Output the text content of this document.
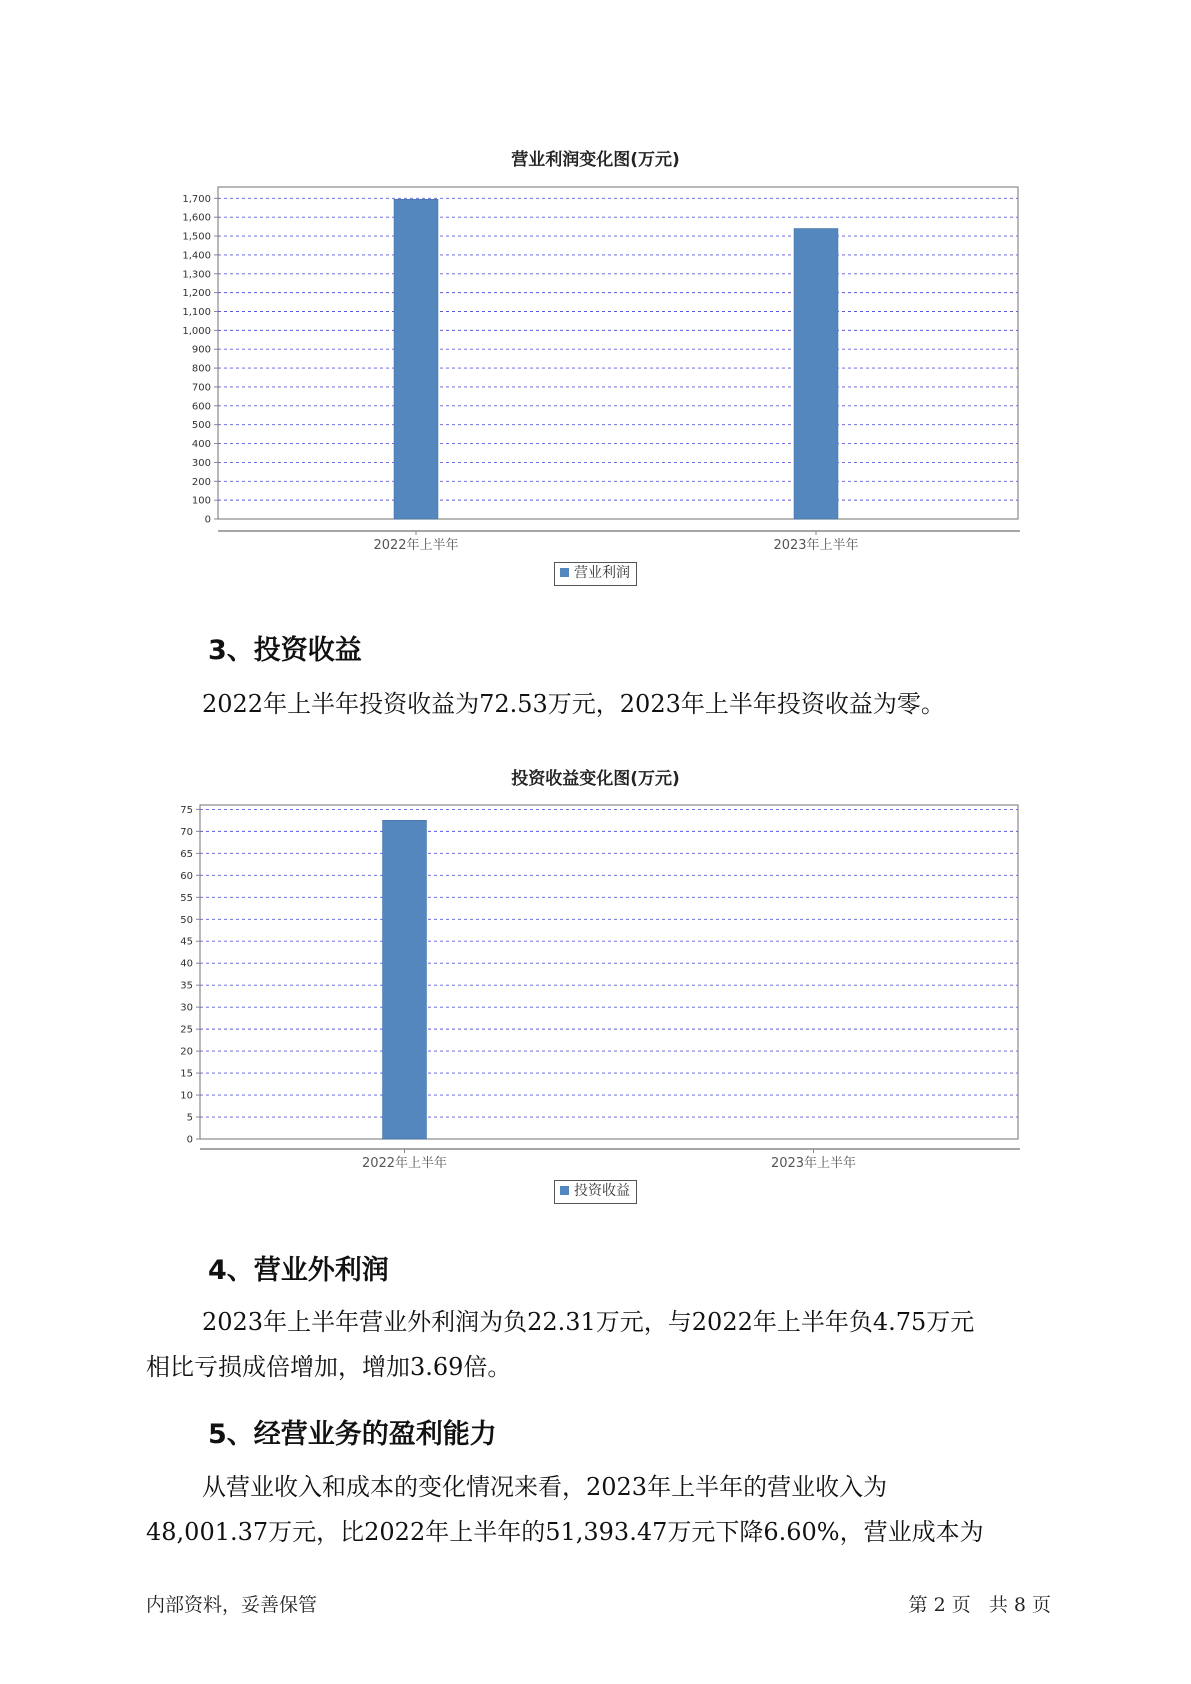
营业利润变化图(万元)
0
100
200
300
400
500
600
700
800
900
1,000
1,100
1,200
1,300
1,400
1,500
1,600
1,700
2022年上半年	2023年上半年
营业利润
3、投资收益

2022年上半年投资收益为72.53万元，2023年上半年投资收益为零。

投资收益变化图(万元)
0
5
10
15
20
25
30
35
40
45
50
55
60
65
70
75
2022年上半年	2023年上半年
投资收益
4、营业外利润

2023年上半年营业外利润为负22.31万元，与2022年上半年负4.75万元

相比亏损成倍增加，增加3.69倍。

5、经营业务的盈利能力

从营业收入和成本的变化情况来看，2023年上半年的营业收入为

48,001.37万元，比2022年上半年的51,393.47万元下降6.60%，营业成本为

内部资料，妥善保管	第 2 页   共 8 页
